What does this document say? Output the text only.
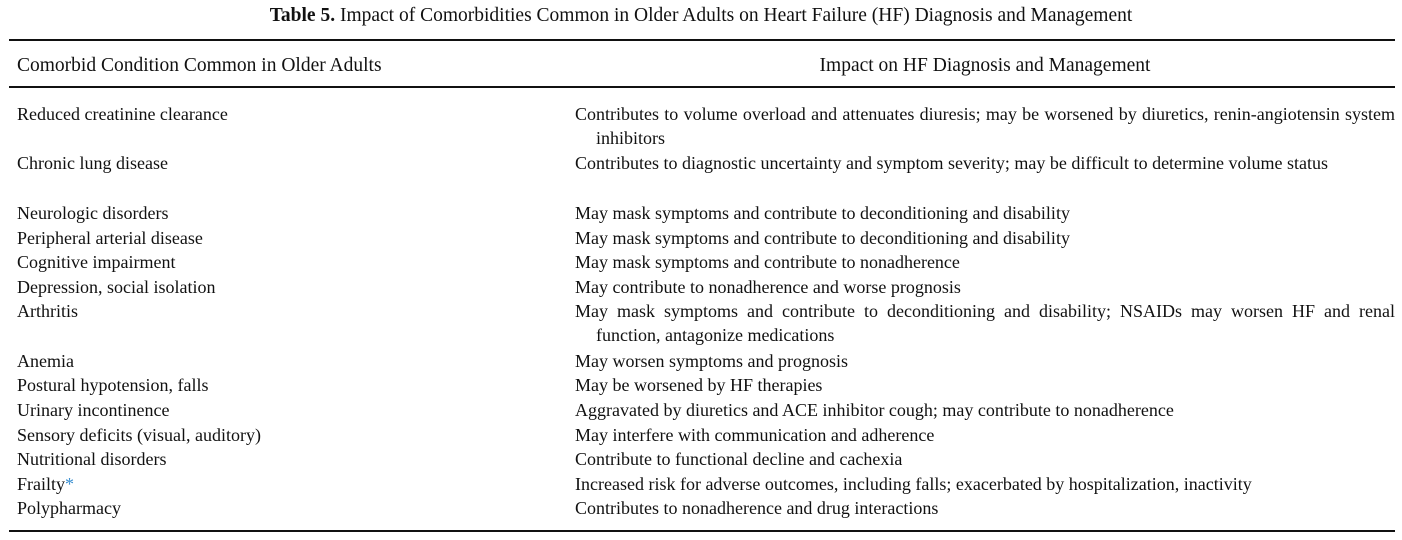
Table 5. Impact of Comorbidities Common in Older Adults on Heart Failure (HF) Diagnosis and Management
Comorbid Condition Common in Older Adults	Impact on HF Diagnosis and Management
Reduced creatinine clearance	Contributes to volume overload and attenuates diuresis; may be worsened by diuretics, renin-angiotensin system inhibitors
Chronic lung disease	Contributes to diagnostic uncertainty and symptom severity; may be difficult to determine volume status
Neurologic disorders	May mask symptoms and contribute to deconditioning and disability
Peripheral arterial disease	May mask symptoms and contribute to deconditioning and disability
Cognitive impairment	May mask symptoms and contribute to nonadherence
Depression, social isolation	May contribute to nonadherence and worse prognosis
Arthritis	May mask symptoms and contribute to deconditioning and disability; NSAIDs may worsen HF and renal function, antagonize medications
Anemia	May worsen symptoms and prognosis
Postural hypotension, falls	May be worsened by HF therapies
Urinary incontinence	Aggravated by diuretics and ACE inhibitor cough; may contribute to nonadherence
Sensory deficits (visual, auditory)	May interfere with communication and adherence
Nutritional disorders	Contribute to functional decline and cachexia
Frailty*	Increased risk for adverse outcomes, including falls; exacerbated by hospitalization, inactivity
Polypharmacy	Contributes to nonadherence and drug interactions
